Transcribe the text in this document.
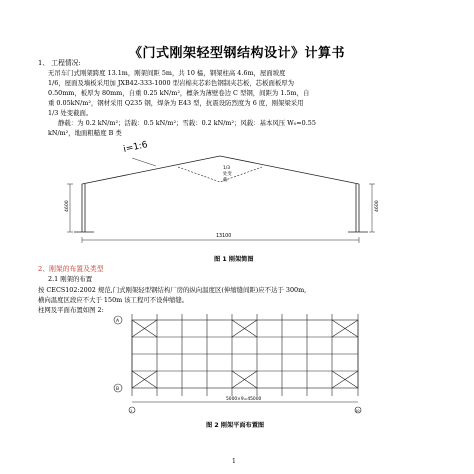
《门式刚架轻型钢结构设计》计算书
1、 工程情况:
无吊车门式刚架跨度 13.1m，刚架间距 5m，共 10 榀，钢架柱高 4.6m，屋面坡度
1/6，屋面及墙板采用加 JXB42-333-1000 型岩棉夹芯彩色钢制夹芯板，芯板面板厚为
0.50mm，板厚为 80mm，自重 0.25 kN/m²，檩条为薄壁卷边 C 型钢，间距为 1.5m，自
重 0.05kN/m²，钢材采用 Q235 钢，焊条为 E43 型，抗震设防烈度为 6 度，刚架梁采用
1/3 处变截面。
静载：为 0.2 kN/m²；活载：0.5 kN/m²；雪载：0.2 kN/m²；风载：基本风压 W₀=0.55
kN/m²，地面粗糙度 B 类
i=1:6
1/3
处变
截
4600	4600
13100
图 1 刚架简图
2、刚架的布置及类型
2.1 刚架的布置
按 CECS102:2002 规范,门式刚架轻型钢结构厂房的纵向温度区(伸缩缝间距)应不达于 300m,
横向温度区段应不大于 150m 该工程可不设伸缩缝。
柱网及平面布置如图 2:
A
B
1	10
5000×9=45000
图 2 刚架平面布置图
1
